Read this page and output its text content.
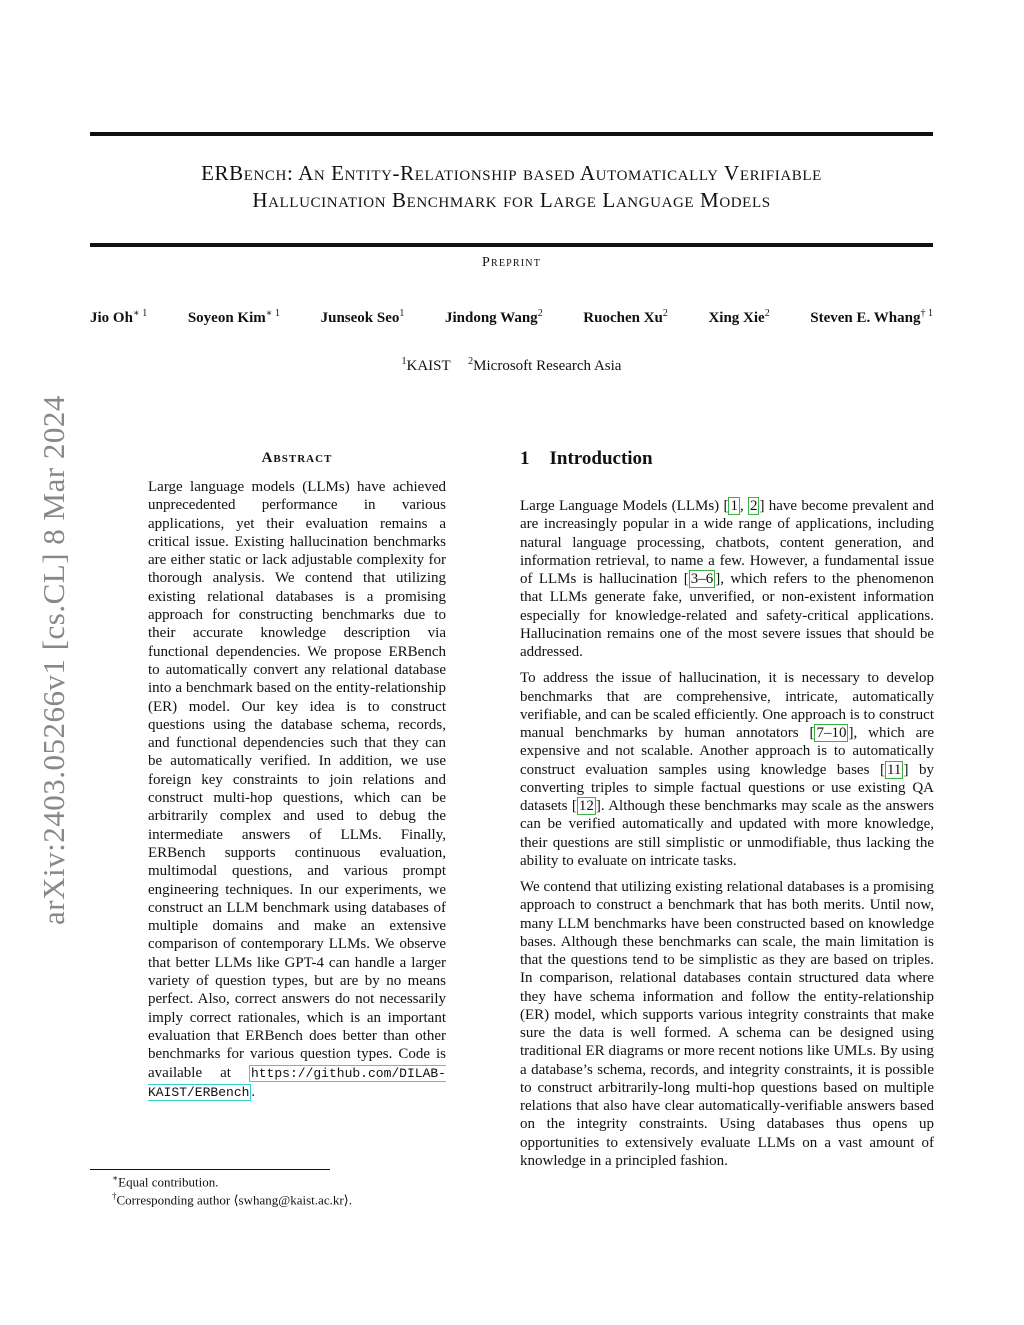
ERBench: An Entity-Relationship based Automatically Verifiable
Hallucination Benchmark for Large Language Models
Preprint
Jio $Oh^{∗ 1}$	Soyeon Kim$^{∗ 1}$	Junseok Seo$^1$	Jindong Wang$^2$	Ruochen Xu$^2$	Xing Xie$^2$	Steven E. Whang$^{\dagger 1}$
$^1$KAIST $^2$Microsoft Research Asia
arXiv:2403.05266v1 [cs.CL] 8 Mar 2024	Abstract
Large language models (LLMs) have achieved unprecedented performance in various applications, yet their evaluation remains a critical issue. Existing hallucination benchmarks are either static or lack adjustable complexity for thorough analysis. We contend that utilizing existing relational databases is a promising approach for constructing benchmarks due to their accurate knowledge description via functional dependencies. We propose ERBench to automatically convert any relational database into a benchmark based on the entity-relationship (ER) model. Our key idea is to construct questions using the database schema, records, and functional dependencies such that they can be automatically verified. In addition, we use foreign key constraints to join relations and construct multi-hop questions, which can be arbitrarily complex and used to debug the intermediate answers of LLMs. Finally, ERBench supports continuous evaluation, multimodal questions, and various prompt engineering techniques. In our experiments, we construct an LLM benchmark using databases of multiple domains and make an extensive comparison of contemporary LLMs. We observe that better LLMs like GPT-4 can handle a larger variety of question types, but are by no means perfect. Also, correct answers do not necessarily imply correct rationales, which is an important evaluation that ERBench does better than other benchmarks for various question types. Code is available at https://github.com/DILAB-KAIST/ERBench .
1 Introduction

Large Language Models (LLMs) [ 1 , 2 ] have become prevalent and are increasingly popular in a wide range of applications, including natural language processing, chatbots, content generation, and information retrieval, to name a few. However, a fundamental issue of LLMs is hallucination [ 3–6 ], which refers to the phenomenon that LLMs generate fake, unverified, or non-existent information especially for knowledge-related and safety-critical applications. Hallucination remains one of the most severe issues that should be addressed.

To address the issue of hallucination, it is necessary to develop benchmarks that are comprehensive, intricate, automatically verifiable, and can be scaled efficiently. One approach is to construct manual benchmarks by human annotators [ 7–10 ], which are expensive and not scalable. Another approach is to automatically construct evaluation samples using knowledge bases [ 11 ] by converting triples to simple factual questions or use existing QA datasets [ 12 ]. Although these benchmarks may scale as the answers can be verified automatically and updated with more knowledge, their questions are still simplistic or unmodifiable, thus lacking the ability to evaluate on intricate tasks.

We contend that utilizing existing relational databases is a promising approach to construct a benchmark that has both merits. Until now, many LLM benchmarks have been constructed based on knowledge bases. Although these benchmarks can scale, the main limitation is that the questions tend to be simplistic as they are based on triples. In comparison, relational databases contain structured data where they have schema information and follow the entity-relationship (ER) model, which supports various integrity constraints that make sure the data is well formed. A schema can be designed using traditional ER diagrams or more recent notions like UMLs. By using a database’s schema, records, and integrity constraints, it is possible to construct arbitrarily-long multi-hop questions based on multiple relations that also have clear automatically-verifiable answers based on the integrity constraints. Using databases thus opens up opportunities to extensively evaluate LLMs on a vast amount of knowledge in a principled fashion.

∗Equal contribution.
†Corresponding author ⟨swhang@kaist.ac.kr⟩.
